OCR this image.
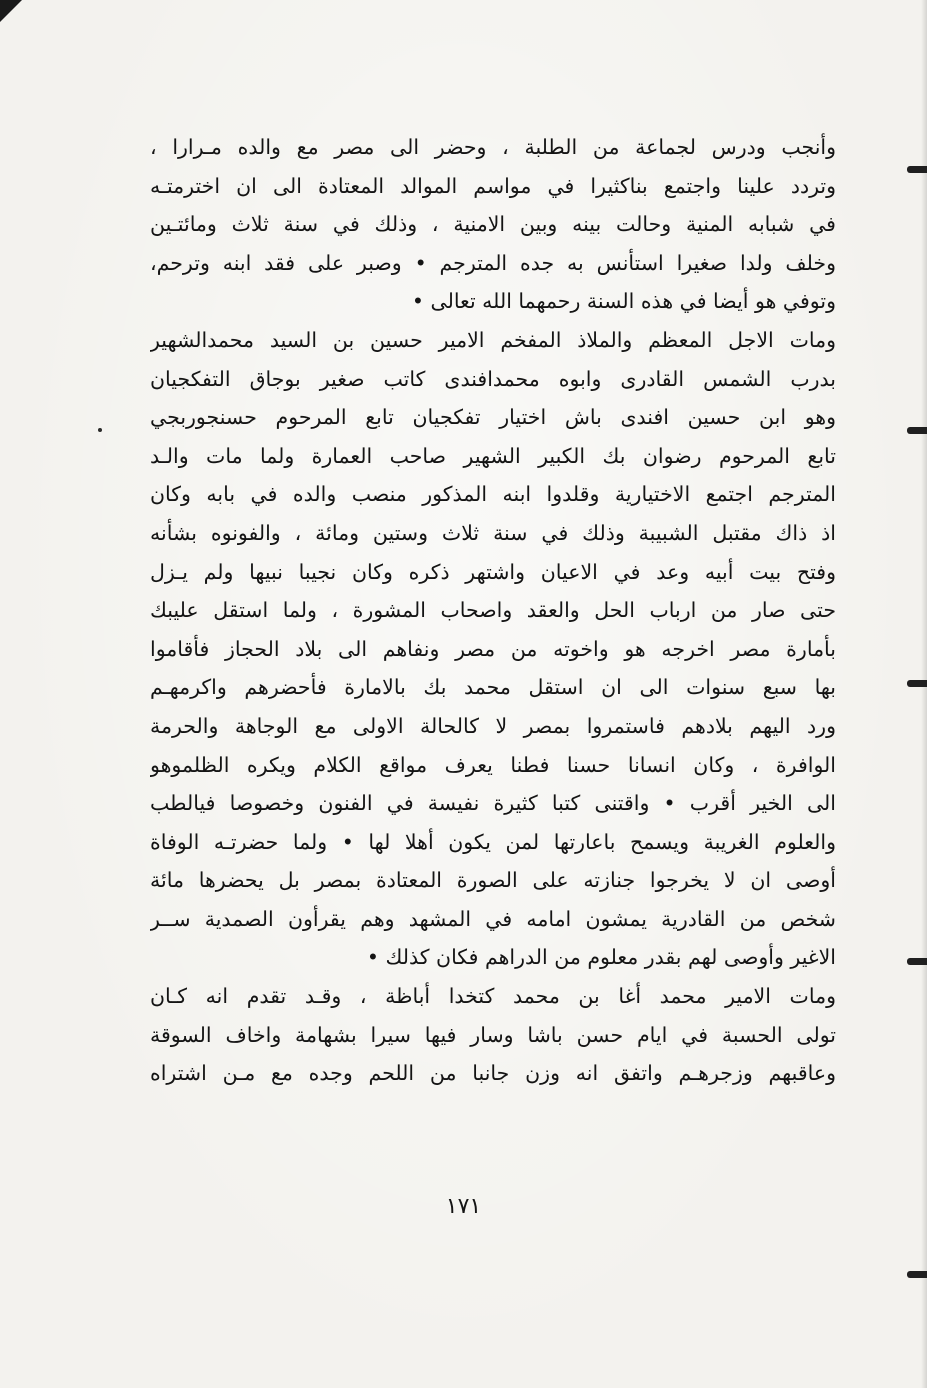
وأنجب ودرس لجماعة من الطلبة ، وحضر الى مصر مع والده مـرارا ،
وتردد علينا واجتمع بناكثيرا في مواسم الموالد المعتادة الى ان اخترمتـه
في شبابه المنية وحالت بينه وبين الامنية ، وذلك في سنة ثلاث ومائتـين
وخلف ولدا صغيرا استأنس به جده المترجم • وصبر على فقد ابنه وترحم،
وتوفي هو أيضا في هذه السنة رحمهما الله تعالى •
ومات الاجل المعظم والملاذ المفخم الامير حسين بن السيد محمدالشهير
بدرب الشمس القادرى وابوه محمدافندى كاتب صغير بوجاق التفكجيان
وهو ابن حسين افندى باش اختيار تفكجيان تابع المرحوم حسنجوربجي
تابع المرحوم رضوان بك الكبير الشهير صاحب العمارة ولما مات والـد
المترجم اجتمع الاختيارية وقلدوا ابنه المذكور منصب والده في بابه وكان
اذ ذاك مقتبل الشبيبة وذلك في سنة ثلاث وستين ومائة ، والفونوه بشأنه
وفتح بيت أبيه وعد في الاعيان واشتهر ذكره وكان نجيبا نبيها ولم يـزل
حتى صار من ارباب الحل والعقد واصحاب المشورة ، ولما استقل عليبك
بأمارة مصر اخرجه هو واخوته من مصر ونفاهم الى بلاد الحجاز فأقاموا
بها سبع سنوات الى ان استقل محمد بك بالامارة فأحضرهم واكرمهـم
ورد اليهم بلادهم فاستمروا بمصر لا كالحالة الاولى مع الوجاهة والحرمة
الوافرة ، وكان انسانا حسنا فطنا يعرف مواقع الكلام ويكره الظلموهو
الى الخير أقرب • واقتنى كتبا كثيرة نفيسة في الفنون وخصوصا فيالطب
والعلوم الغريبة ويسمح باعارتها لمن يكون أهلا لها • ولما حضرتـه الوفاة
أوصى ان لا يخرجوا جنازته على الصورة المعتادة بمصر بل يحضرها مائة
شخص من القادرية يمشون امامه في المشهد وهم يقرأون الصمدية ســر
الاغير وأوصى لهم بقدر معلوم من الدراهم فكان كذلك •
ومات الامير محمد أغا بن محمد كتخدا أباظة ، وقـد تقدم انه كـان
تولى الحسبة في ايام حسن باشا وسار فيها سيرا بشهامة واخاف السوقة
وعاقبهم وزجرهـم واتفق انه وزن جانبا من اللحم وجده مع مـن اشتراه
١٧١
